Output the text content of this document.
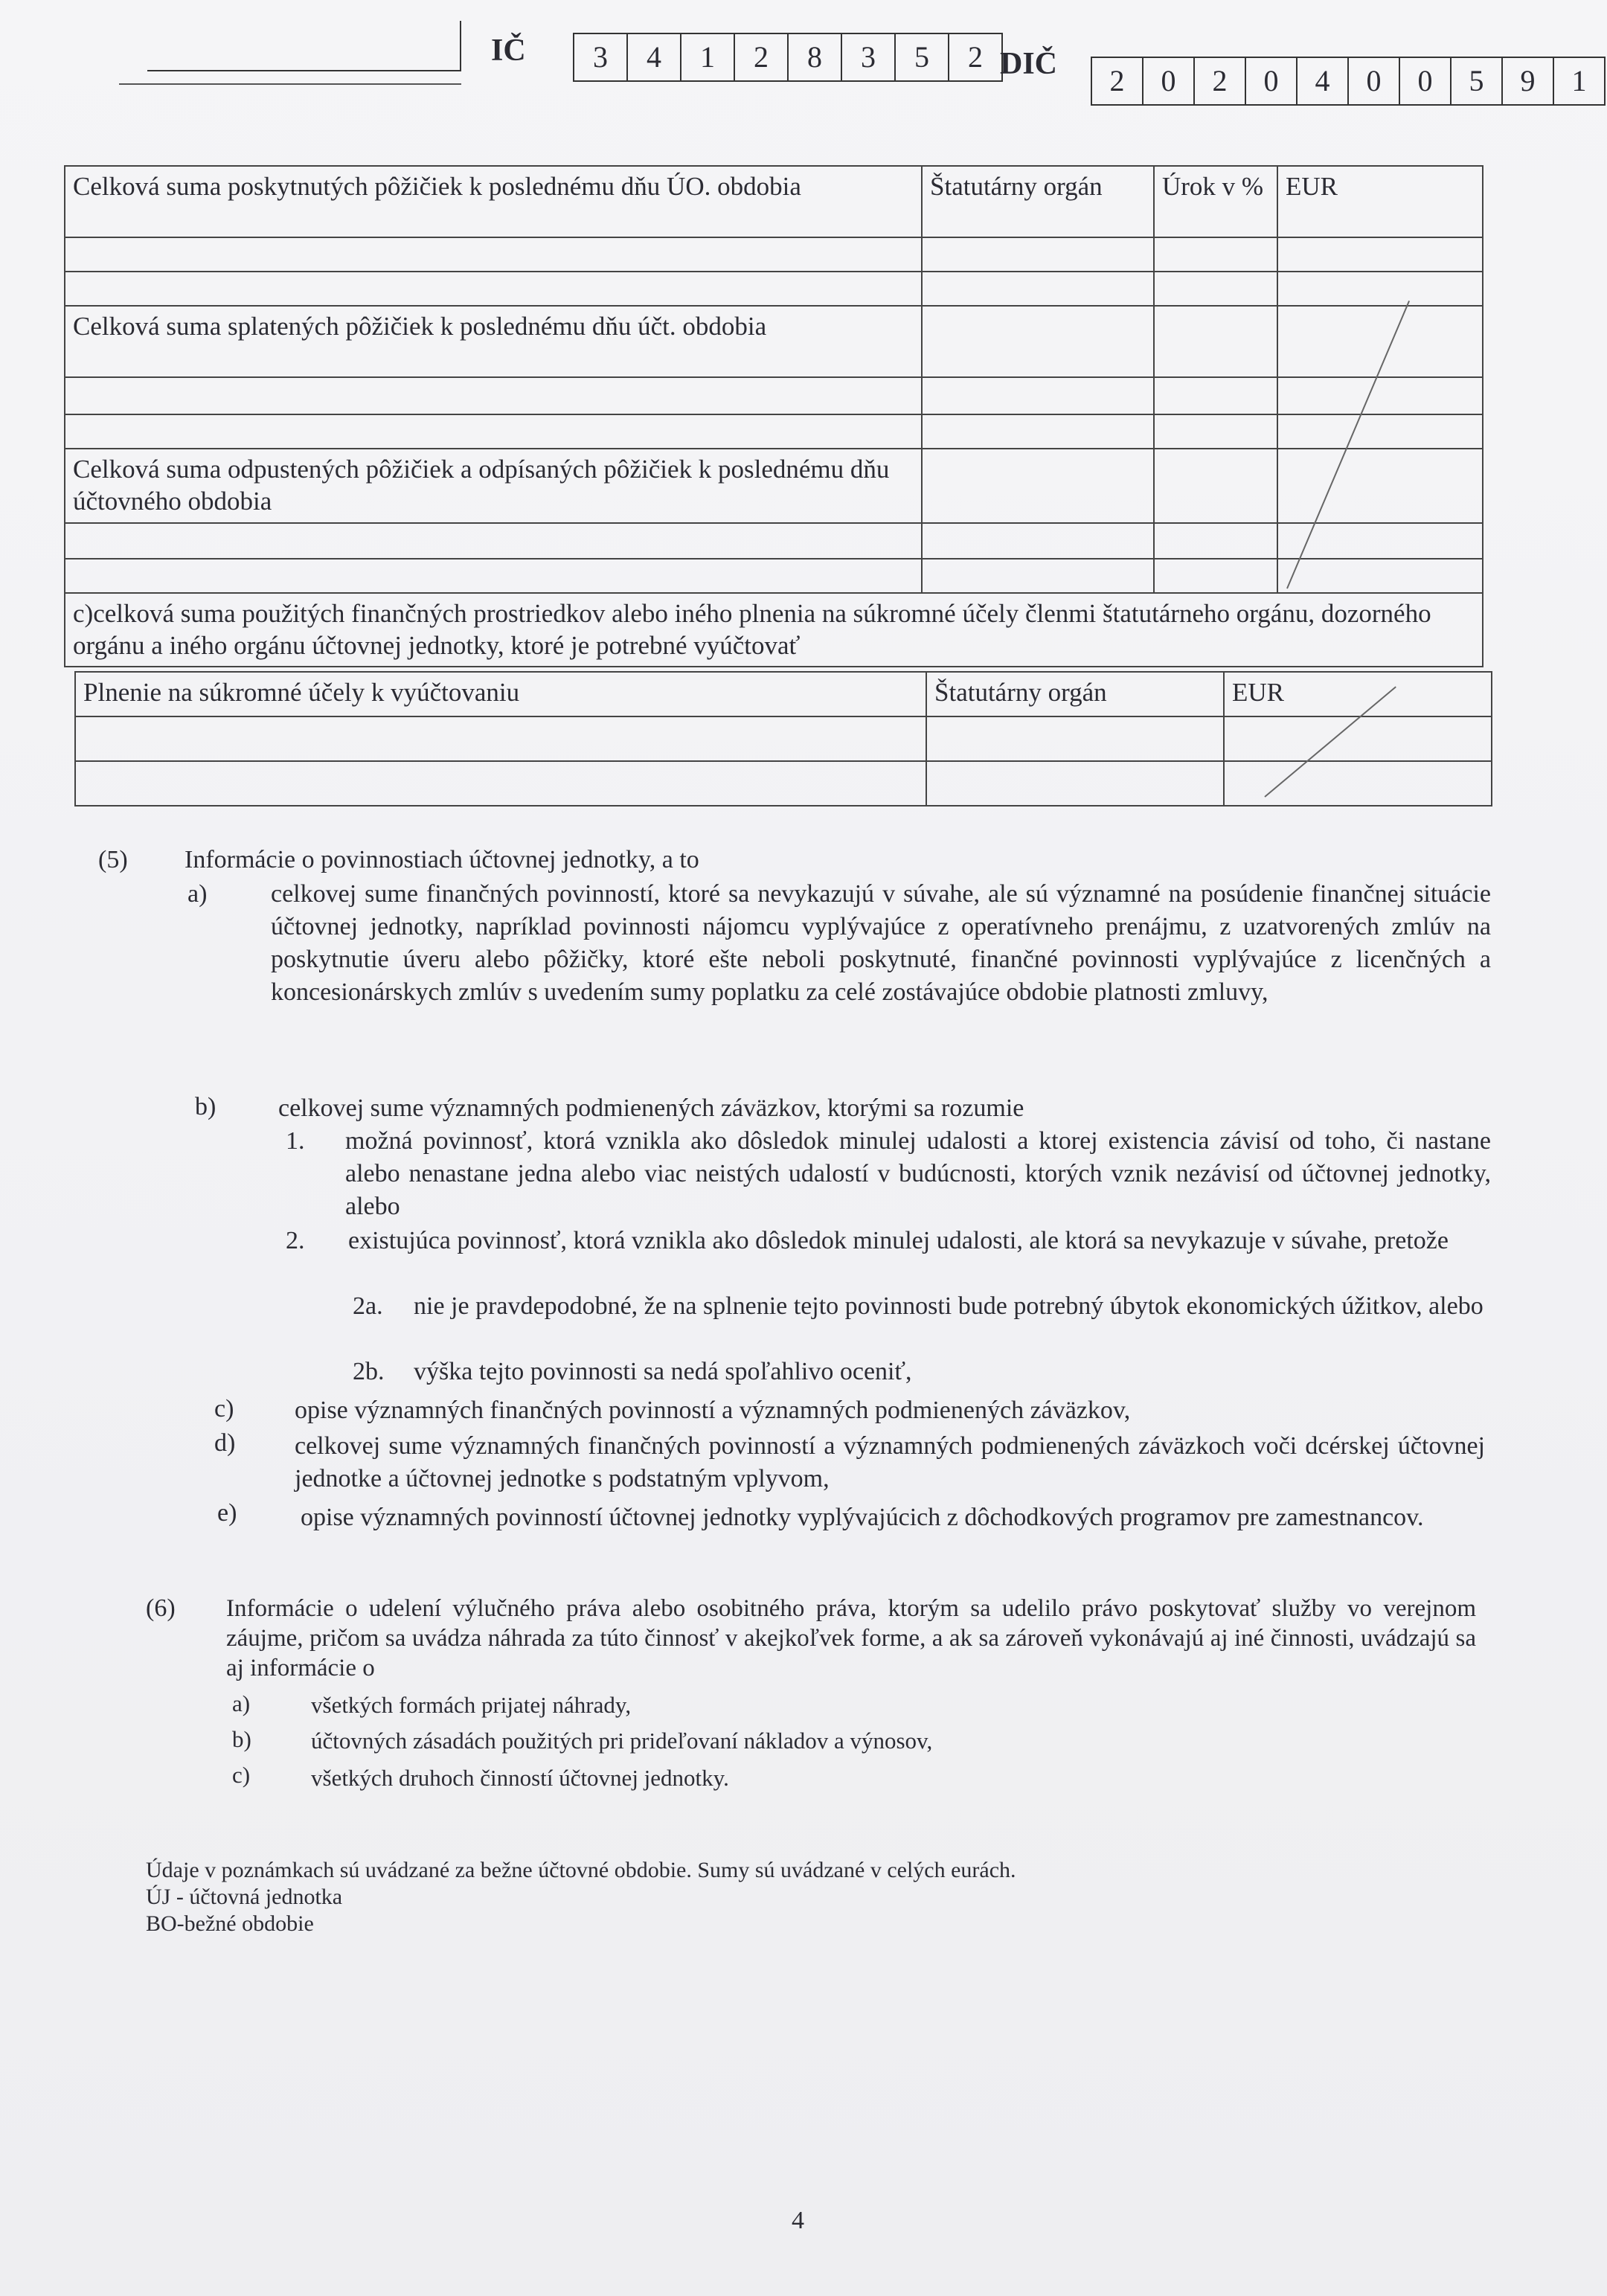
IČ	3	4	1	2	8	3	5	2 DIČ	2	0	2	0	4	0	0	5	9	1
Celková suma poskytnutých pôžičiek k poslednému dňu ÚO. obdobia	Štatutárny orgán	Úrok v %	EUR

Celková suma splatených pôžičiek k poslednému dňu účt. obdobia			

Celková suma odpustených pôžičiek a odpísaných pôžičiek k poslednému dňu účtovného obdobia			

c)celková suma použitých finančných prostriedkov alebo iného plnenia na súkromné účely členmi štatutárneho orgánu, dozorného orgánu a iného orgánu účtovnej jednotky, ktoré je potrebné vyúčtovať			
Plnenie na súkromné účely k vyúčtovaniu	Štatutárny orgán	EUR

(5) Informácie o povinnostiach účtovnej jednotky, a to
a)	celkovej sume finančných povinností, ktoré sa nevykazujú v súvahe, ale sú významné na posúdenie finančnej situácie účtovnej jednotky, napríklad povinnosti nájomcu vyplývajúce z operatívneho prenájmu, z uzatvorených zmlúv na poskytnutie úveru alebo pôžičky, ktoré ešte neboli poskytnuté, finančné povinnosti vyplývajúce z licenčných a koncesionárskych zmlúv s uvedením sumy poplatku za celé zostávajúce obdobie platnosti zmluvy,
b) celkovej sume významných podmienených záväzkov, ktorými sa rozumie
1. možná povinnosť, ktorá vznikla ako dôsledok minulej udalosti a ktorej existencia závisí od toho, či nastane alebo nenastane jedna alebo viac neistých udalostí v budúcnosti, ktorých vznik nezávisí od účtovnej jednotky, alebo
2. existujúca povinnosť, ktorá vznikla ako dôsledok minulej udalosti, ale ktorá sa nevykazuje v súvahe, pretože
2a. nie je pravdepodobné, že na splnenie tejto povinnosti bude potrebný úbytok ekonomických úžitkov, alebo
2b. výška tejto povinnosti sa nedá spoľahlivo oceniť,
c) opise významných finančných povinností a významných podmienených záväzkov,
d) celkovej sume významných finančných povinností a významných podmienených záväzkoch voči dcérskej účtovnej jednotke a účtovnej jednotke s podstatným vplyvom,
e)	opise významných povinností účtovnej jednotky vyplývajúcich z dôchodkových programov pre zamestnancov.
(6) Informácie o udelení výlučného práva alebo osobitného práva, ktorým sa udelilo právo poskytovať služby vo verejnom záujme, pričom sa uvádza náhrada za túto činnosť v akejkoľvek forme, a ak sa zároveň vykonávajú aj iné činnosti, uvádzajú sa aj informácie o
a)	všetkých formách prijatej náhrady,
b)	účtovných zásadách použitých pri prideľovaní nákladov a výnosov,
c)	všetkých druhoch činností účtovnej jednotky.
Údaje v poznámkach sú uvádzané za bežne účtovné obdobie. Sumy sú uvádzané v celých eurách.
ÚJ - účtovná jednotka
BO-bežné obdobie
4
